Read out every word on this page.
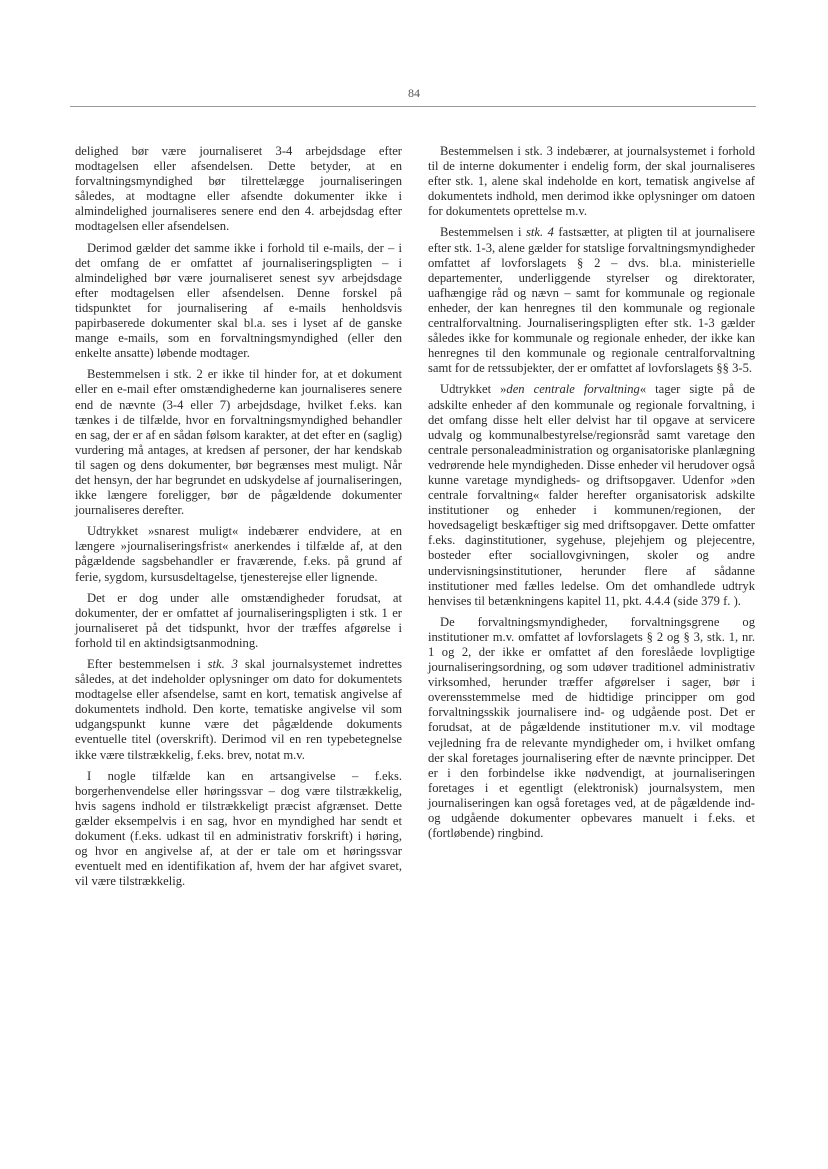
84

delighed bør være journaliseret 3-4 arbejdsdage efter modtagelsen eller afsendelsen. Dette betyder, at en forvaltningsmyndighed bør tilrettelægge journaliseringen således, at modtagne eller afsendte dokumenter ikke i almindelighed journaliseres senere end den 4. arbejdsdag efter modtagelsen eller afsendelsen.

Derimod gælder det samme ikke i forhold til e-mails, der – i det omfang de er omfattet af journaliseringspligten – i almindelighed bør være journaliseret senest syv arbejdsdage efter modtagelsen eller afsendelsen. Denne forskel på tidspunktet for journalisering af e-mails henholdsvis papirbaserede dokumenter skal bl.a. ses i lyset af de ganske mange e-mails, som en forvaltningsmyndighed (eller den enkelte ansatte) løbende modtager.

Bestemmelsen i stk. 2 er ikke til hinder for, at et dokument eller en e-mail efter omstændighederne kan journaliseres senere end de nævnte (3-4 eller 7) arbejdsdage, hvilket f.eks. kan tænkes i de tilfælde, hvor en forvaltningsmyndighed behandler en sag, der er af en sådan følsom karakter, at det efter en (saglig) vurdering må antages, at kredsen af personer, der har kendskab til sagen og dens dokumenter, bør begrænses mest muligt. Når det hensyn, der har begrundet en udskydelse af journaliseringen, ikke længere foreligger, bør de pågældende dokumenter journaliseres derefter.

Udtrykket »snarest muligt« indebærer endvidere, at en længere »journaliseringsfrist« anerkendes i tilfælde af, at den pågældende sagsbehandler er fraværende, f.eks. på grund af ferie, sygdom, kursusdeltagelse, tjenesterejse eller lignende.

Det er dog under alle omstændigheder forudsat, at dokumenter, der er omfattet af journaliseringspligten i stk. 1 er journaliseret på det tidspunkt, hvor der træffes afgørelse i forhold til en aktindsigtsanmodning.

Efter bestemmelsen i stk. 3 skal journalsystemet indrettes således, at det indeholder oplysninger om dato for dokumentets modtagelse eller afsendelse, samt en kort, tematisk angivelse af dokumentets indhold. Den korte, tematiske angivelse vil som udgangspunkt kunne være det pågældende dokuments eventuelle titel (overskrift). Derimod vil en ren typebetegnelse ikke være tilstrækkelig, f.eks. brev, notat m.v.

I nogle tilfælde kan en artsangivelse – f.eks. borgerhenvendelse eller høringssvar – dog være tilstrækkelig, hvis sagens indhold er tilstrækkeligt præcist afgrænset. Dette gælder eksempelvis i en sag, hvor en myndighed har sendt et dokument (f.eks. udkast til en administrativ forskrift) i høring, og hvor en angivelse af, at der er tale om et høringssvar eventuelt med en identifikation af, hvem der har afgivet svaret, vil være tilstrækkelig.

Bestemmelsen i stk. 3 indebærer, at journalsystemet i forhold til de interne dokumenter i endelig form, der skal journaliseres efter stk. 1, alene skal indeholde en kort, tematisk angivelse af dokumentets indhold, men derimod ikke oplysninger om datoen for dokumentets oprettelse m.v.

Bestemmelsen i stk. 4 fastsætter, at pligten til at journalisere efter stk. 1-3, alene gælder for statslige forvaltningsmyndigheder omfattet af lovforslagets § 2 – dvs. bl.a. ministerielle departementer, underliggende styrelser og direktorater, uafhængige råd og nævn – samt for kommunale og regionale enheder, der kan henregnes til den kommunale og regionale centralforvaltning. Journaliseringspligten efter stk. 1-3 gælder således ikke for kommunale og regionale enheder, der ikke kan henregnes til den kommunale og regionale centralforvaltning samt for de retssubjekter, der er omfattet af lovforslagets §§ 3-5.

Udtrykket »den centrale forvaltning« tager sigte på de adskilte enheder af den kommunale og regionale forvaltning, i det omfang disse helt eller delvist har til opgave at servicere udvalg og kommunalbestyrelse/regionsråd samt varetage den centrale personaleadministration og organisatoriske planlægning vedrørende hele myndigheden. Disse enheder vil herudover også kunne varetage myndigheds- og driftsopgaver. Udenfor »den centrale forvaltning« falder herefter organisatorisk adskilte institutioner og enheder i kommunen/regionen, der hovedsageligt beskæftiger sig med driftsopgaver. Dette omfatter f.eks. daginstitutioner, sygehuse, plejehjem og plejecentre, bosteder efter sociallovgivningen, skoler og andre undervisningsinstitutioner, herunder flere af sådanne institutioner med fælles ledelse. Om det omhandlede udtryk henvises til betænkningens kapitel 11, pkt. 4.4.4 (side 379 f. ).

De forvaltningsmyndigheder, forvaltningsgrene og institutioner m.v. omfattet af lovforslagets § 2 og § 3, stk. 1, nr. 1 og 2, der ikke er omfattet af den foreslåede lovpligtige journaliseringsordning, og som udøver traditionel administrativ virksomhed, herunder træffer afgørelser i sager, bør i overensstemmelse med de hidtidige principper om god forvaltningsskik journalisere ind- og udgående post. Det er forudsat, at de pågældende institutioner m.v. vil modtage vejledning fra de relevante myndigheder om, i hvilket omfang der skal foretages journalisering efter de nævnte principper. Det er i den forbindelse ikke nødvendigt, at journaliseringen foretages i et egentligt (elektronisk) journalsystem, men journaliseringen kan også foretages ved, at de pågældende ind- og udgående dokumenter opbevares manuelt i f.eks. et (fortløbende) ringbind.
